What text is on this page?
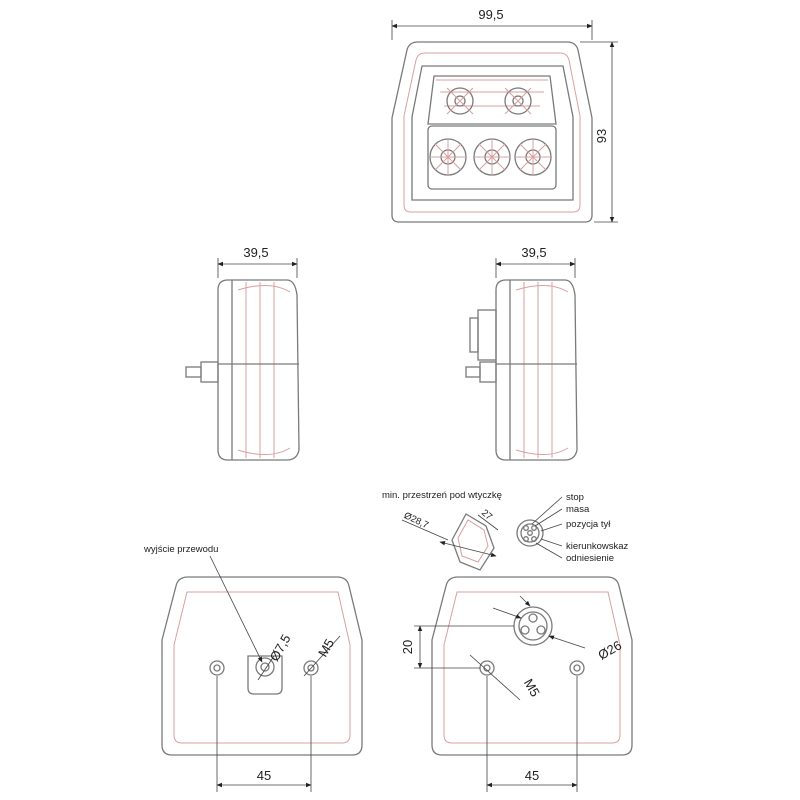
99,5
93
39,5	39,5
wyjście przewodu
Ø7,5 M5
45
20	Ø26
M5
45
min. przestrzeń pod wtyczkę
Ø28,7	27
stop
masa
pozycja tył
kierunkowskaz
odniesienie
